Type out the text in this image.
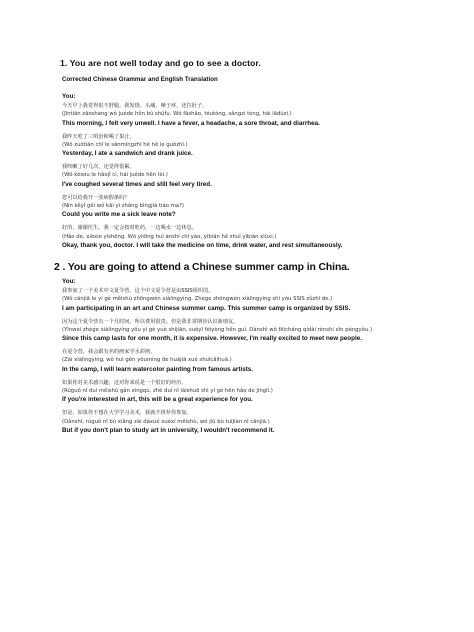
1. You are not well today and go to see a doctor.
Corrected Chinese Grammar and English Translation
You:

今天早上我觉得很不舒服。我发烧、头痛、嗓子疼，还拉肚子。

(Jīntiān zǎoshang wǒ juéde hěn bù shūfu. Wǒ fāshāo, tóutòng, sǎngzi téng, hái lādùzi.)

This morning, I felt very unwell. I have a fever, a headache, a sore throat, and diarrhea.

我昨天吃了三明治和喝了果汁。

(Wǒ zuótiān chī le sānmíngzhì hé hē le guǒzhī.)

Yesterday, I ate a sandwich and drank juice.

我咳嗽了好几次，还觉得很累。

(Wǒ késou le hǎojǐ cì, hái juéde hěn lèi.)

I've coughed several times and still feel very tired.

您可以给我开一张病假条吗？

(Nín kěyǐ gěi wǒ kāi yì zhāng bìngjià tiáo ma?)

Could you write me a sick leave note?

好的，谢谢医生。我一定会按时吃药，一边喝水一边休息。

(Hǎo de, xièxie yīshēng. Wǒ yídìng huì ànshí chī yào, yìbiān hē shuǐ yìbiān xiūxi.)

Okay, thank you, doctor. I will take the medicine on time, drink water, and rest simultaneously.

2 . You are going to attend a Chinese summer camp in China.
You:

我参加了一个美术中文夏令营。这个中文夏令营是由SSIS组织的。

(Wǒ cānjiā le yí gè měishù zhōngwén xiàlìngyíng. Zhège zhōngwén xiàlìngyíng shì yóu SSIS zǔzhī de.)

I am participating in an art and Chinese summer camp. This summer camp is organized by SSIS.

因为这个夏令营有一个月时间，所以费用很贵。但是我非常期待认识新朋友。

(Yīnwèi zhège xiàlìngyíng yǒu yí gè yuè shíjiān, suǒyǐ fèiyòng hěn guì. Dànshì wǒ fēicháng qídài rènshi xīn péngyǒu.)

Since this camp lasts for one month, it is expensive. However, I'm really excited to meet new people.

在夏令营，我会跟有名的画家学水彩画。

(Zài xiàlìngyíng, wǒ huì gēn yǒumíng de huàjiā xué shuǐcǎihuà.)

In the camp, I will learn watercolor painting from famous artists.

如果你对美术感兴趣，这对你来说是一个很好的经历。

(Rúguǒ nǐ duì měishù gǎn xìngqù, zhè duì nǐ láishuō shì yí gè hěn hǎo de jīnglì.)

If you're interested in art, this will be a great experience for you.

但是，如果你不想在大学学习美术，我就不推荐你参加。

(Dànshì, rúguǒ nǐ bù xiǎng zài dàxué xuéxí měishù, wǒ jiù bù tuījiàn nǐ cānjiā.)

But if you don't plan to study art in university, I wouldn't recommend it.
